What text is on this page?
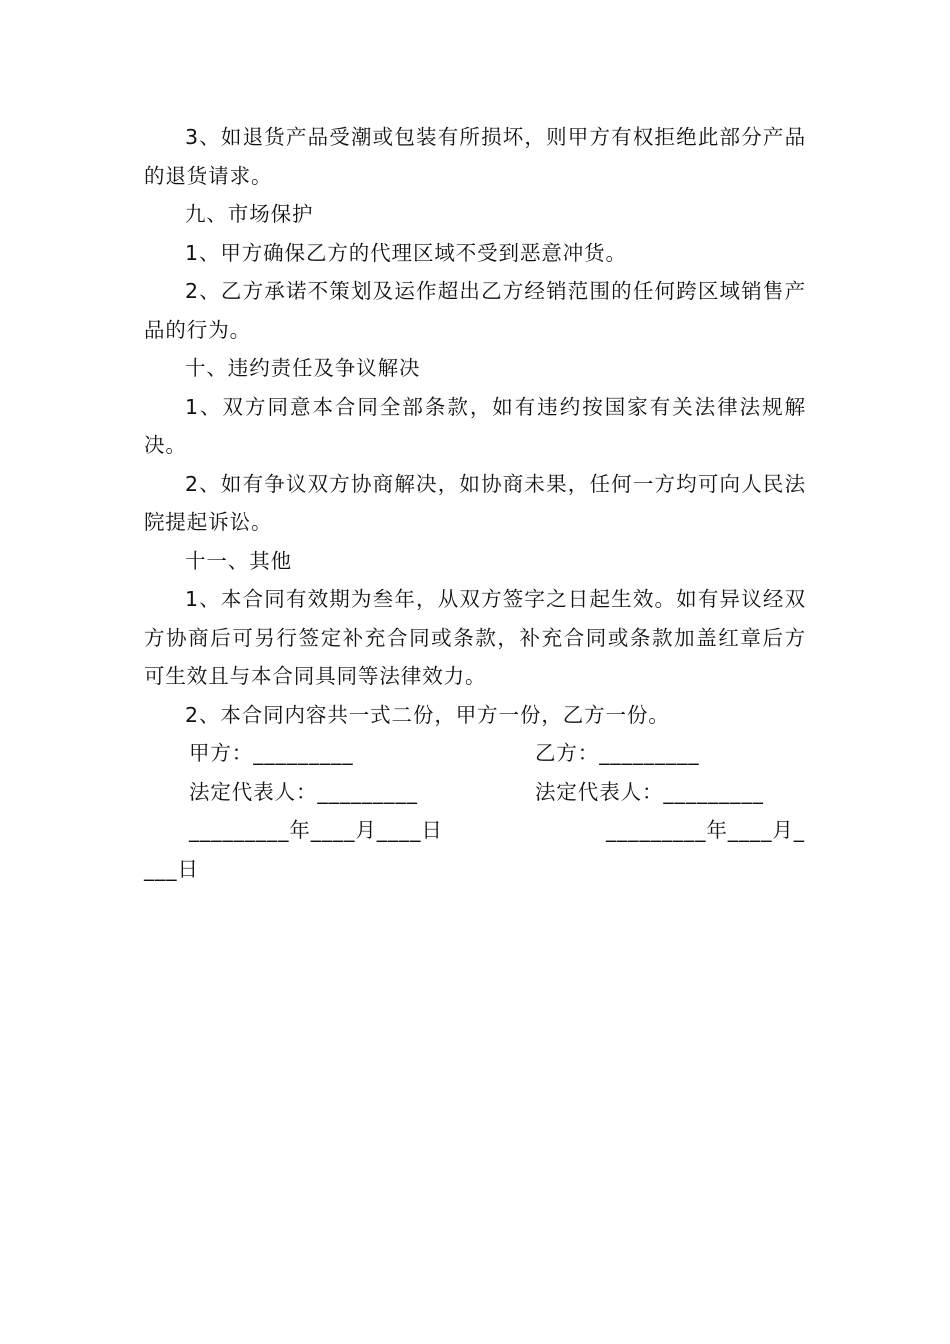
3、如退货产品受潮或包装有所损坏，则甲方有权拒绝此部分产品的退货请求。

九、市场保护

1、甲方确保乙方的代理区域不受到恶意冲货。

2、乙方承诺不策划及运作超出乙方经销范围的任何跨区域销售产品的行为。

十、违约责任及争议解决

1、双方同意本合同全部条款，如有违约按国家有关法律法规解决。

2、如有争议双方协商解决，如协商未果，任何一方均可向人民法院提起诉讼。

十一、其他

1、本合同有效期为叁年，从双方签字之日起生效。如有异议经双方协商后可另行签定补充合同或条款，补充合同或条款加盖红章后方可生效且与本合同具同等法律效力。

2、本合同内容共一式二份，甲方一份，乙方一份。

甲方：_________	乙方：_________
法定代表人：_________	法定代表人：_________
_________年____月____日	_________年____月_
___日
